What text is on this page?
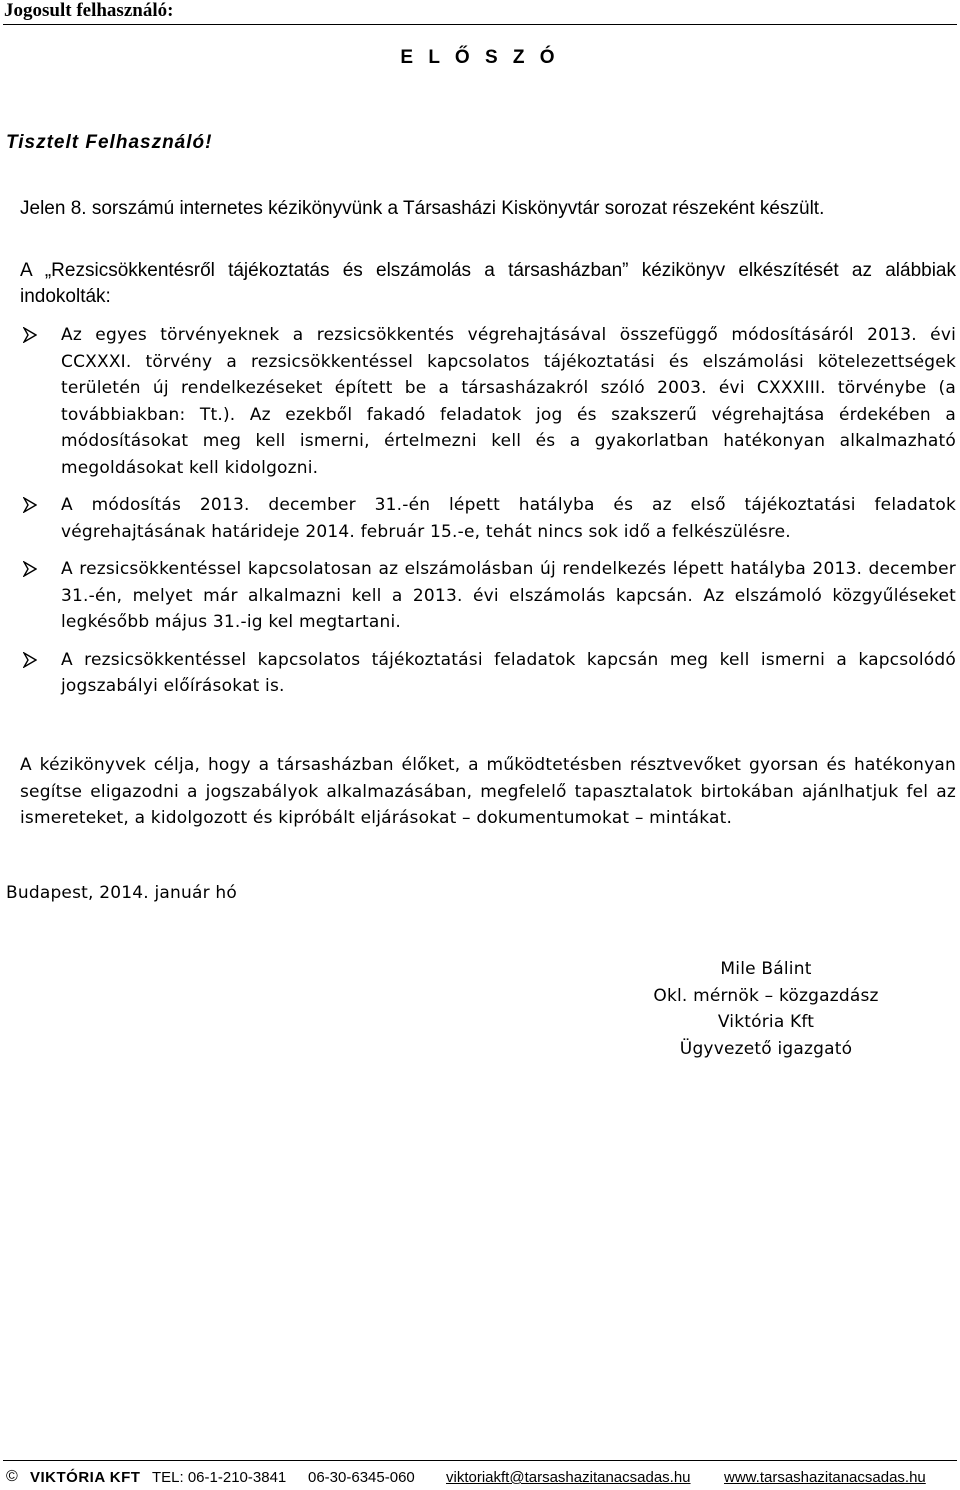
Jogosult felhasználó:
E L Ő S Z Ó
Tisztelt Felhasználó!
Jelen 8. sorszámú internetes kézikönyvünk a Társasházi Kiskönyvtár sorozat részeként készült.
A „Rezsicsökkentésről tájékoztatás és elszámolás a társasházban” kézikönyv elkészítését az alábbiak indokolták:
Az egyes törvényeknek a rezsicsökkentés végrehajtásával összefüggő módosításáról 2013. évi CCXXXI. törvény a rezsicsökkentéssel kapcsolatos tájékoztatási és elszámolási kötelezettségek területén új rendelkezéseket épített be a társasházakról szóló 2003. évi CXXXIII. törvénybe (a továbbiakban: Tt.). Az ezekből fakadó feladatok jog és szakszerű végrehajtása érdekében a módosításokat meg kell ismerni, értelmezni kell és a gyakorlatban hatékonyan alkalmazható megoldásokat kell kidolgozni.
A módosítás 2013. december 31.-én lépett hatályba és az első tájékoztatási feladatok végrehajtásának határideje 2014. február 15.-e, tehát nincs sok idő a felkészülésre.
A rezsicsökkentéssel kapcsolatosan az elszámolásban új rendelkezés lépett hatályba 2013. december 31.-én, melyet már alkalmazni kell a 2013. évi elszámolás kapcsán. Az elszámoló közgyűléseket legkésőbb május 31.-ig kel megtartani.
A rezsicsökkentéssel kapcsolatos tájékoztatási feladatok kapcsán meg kell ismerni a kapcsolódó jogszabályi előírásokat is.
A kézikönyvek célja, hogy a társasházban élőket, a működtetésben résztvevőket gyorsan és hatékonyan segítse eligazodni a jogszabályok alkalmazásában, megfelelő tapasztalatok birtokában ajánlhatjuk fel az ismereteket, a kidolgozott és kipróbált eljárásokat – dokumentumokat – mintákat.
Budapest, 2014. január hó
Mile Bálint
Okl. mérnök – közgazdász
Viktória Kft
Ügyvezető igazgató
© VIKTÓRIA KFT TEL: 06-1-210-3841 06-30-6345-060 viktoriakft@tarsashazitanacsadas.hu www.tarsashazitanacsadas.hu
